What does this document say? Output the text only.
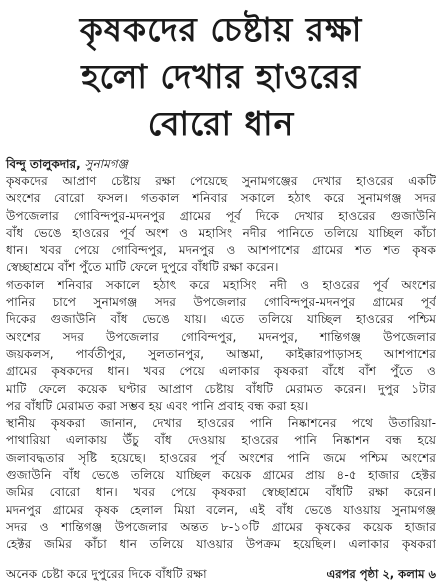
কৃষকদের চেষ্টায় রক্ষা
হলো দেখার হাওরের
বোরো ধান
বিন্দু তালুকদার, সুনামগঞ্জ
কৃষকদের আপ্রাণ চেষ্টায় রক্ষা পেয়েছে সুনামগঞ্জের দেখার হাওরের একটি
অংশের বোরো ফসল। গতকাল শনিবার সকালে হঠাৎ করে সুনামগঞ্জ সদর
উপজেলার গোবিন্দপুর-মদনপুর গ্রামের পূর্ব দিকে দেখার হাওরের গুজাউনি
বাঁধ ভেঙে হাওরের পূর্ব অংশ ও মহাসিং নদীর পানিতে তলিয়ে যাচ্ছিল কাঁচা
ধান। খবর পেয়ে গোবিন্দপুর, মদনপুর ও আশপাশের গ্রামের শত শত কৃষক
স্বেচ্ছাশ্রমে বাঁশ পুঁতে মাটি ফেলে দুপুরে বাঁধটি রক্ষা করেন।
গতকাল শনিবার সকালে হঠাৎ করে মহাসিং নদী ও হাওরের পূর্ব অংশের
পানির চাপে সুনামগঞ্জ সদর উপজেলার গোবিন্দপুর-মদনপুর গ্রামের পূর্ব
দিকের গুজাউনি বাঁধ ভেঙে যায়। এতে তলিয়ে যাচ্ছিল হাওরের পশ্চিম
অংশের সদর উপজেলার গোবিন্দপুর, মদনপুর, শান্তিগঞ্জ উপজেলার
জয়কলস, পার্বতীপুর, সুলতানপুর, আস্তমা, কাইক্কারপাড়াসহ আশপাশের
গ্রামের কৃষকদের ধান। খবর পেয়ে এলাকার কৃষকরা বাঁধে বাঁশ পুঁতে ও
মাটি ফেলে কয়েক ঘণ্টার আপ্রাণ চেষ্টায় বাঁধটি মেরামত করেন। দুপুর ১টার
পর বাঁধটি মেরামত করা সম্ভব হয় এবং পানি প্রবাহ বন্ধ করা হয়।
স্থানীয় কৃষকরা জানান, দেখার হাওরের পানি নিষ্কাশনের পথে উতারিয়া-
পাথারিয়া এলাকায় উঁচু বাঁধ দেওয়ায় হাওরের পানি নিষ্কাশন বন্ধ হয়ে
জলাবদ্ধতার সৃষ্টি হয়েছে। হাওরের পূর্ব অংশের পানি জমে পশ্চিম অংশের
গুজাউনি বাঁধ ভেঙে তলিয়ে যাচ্ছিল কয়েক গ্রামের প্রায় ৪-৫ হাজার হেক্টর
জমির বোরো ধান। খবর পেয়ে কৃষকরা স্বেচ্ছাশ্রমে বাঁধটি রক্ষা করেন।
মদনপুর গ্রামের কৃষক হেলাল মিয়া বলেন, এই বাঁধ ভেঙে যাওয়ায় সুনামগঞ্জ
সদর ও শান্তিগঞ্জ উপজেলার অন্তত ৮-১০টি গ্রামের কৃষকের কয়েক হাজার
হেক্টর জমির কাঁচা ধান তলিয়ে যাওয়ার উপক্রম হয়েছিল। এলাকার কৃষকরা
অনেক চেষ্টা করে দুপুরের দিকে বাঁধটি রক্ষা	এরপর পৃষ্ঠা ২, কলাম ৬
